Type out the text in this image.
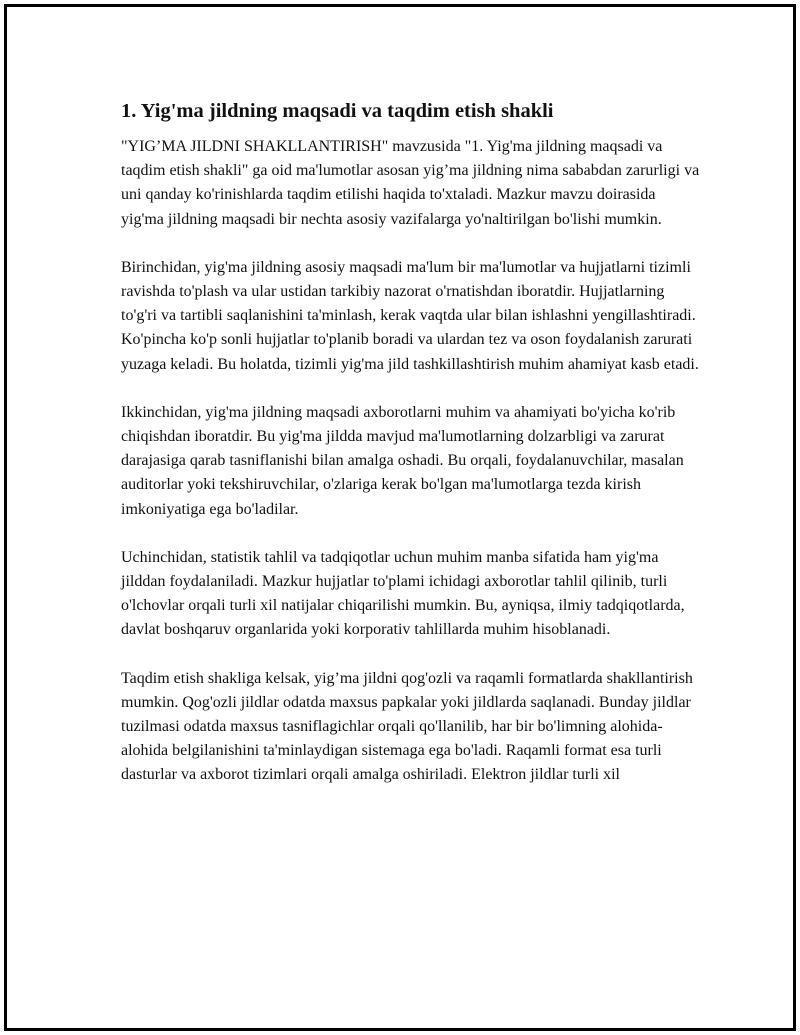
1. Yig'ma jildning maqsadi va taqdim etish shakli

"YIG’MA JILDNI SHAKLLANTIRISH" mavzusida "1. Yig'ma jildning maqsadi va taqdim etish shakli" ga oid ma'lumotlar asosan yig’ma jildning nima sababdan zarurligi va uni qanday ko'rinishlarda taqdim etilishi haqida to'xtaladi. Mazkur mavzu doirasida yig'ma jildning maqsadi bir nechta asosiy vazifalarga yo'naltirilgan bo'lishi mumkin.

Birinchidan, yig'ma jildning asosiy maqsadi ma'lum bir ma'lumotlar va hujjatlarni tizimli ravishda to'plash va ular ustidan tarkibiy nazorat o'rnatishdan iboratdir. Hujjatlarning to'g'ri va tartibli saqlanishini ta'minlash, kerak vaqtda ular bilan ishlashni yengillashtiradi. Ko'pincha ko'p sonli hujjatlar to'planib boradi va ulardan tez va oson foydalanish zarurati yuzaga keladi. Bu holatda, tizimli yig'ma jild tashkillashtirish muhim ahamiyat kasb etadi.

Ikkinchidan, yig'ma jildning maqsadi axborotlarni muhim va ahamiyati bo'yicha ko'rib chiqishdan iboratdir. Bu yig'ma jildda mavjud ma'lumotlarning dolzarbligi va zarurat darajasiga qarab tasniflanishi bilan amalga oshadi. Bu orqali, foydalanuvchilar, masalan auditorlar yoki tekshiruvchilar, o'zlariga kerak bo'lgan ma'lumotlarga tezda kirish imkoniyatiga ega bo'ladilar.

Uchinchidan, statistik tahlil va tadqiqotlar uchun muhim manba sifatida ham yig'ma jilddan foydalaniladi. Mazkur hujjatlar to'plami ichidagi axborotlar tahlil qilinib, turli o'lchovlar orqali turli xil natijalar chiqarilishi mumkin. Bu, ayniqsa, ilmiy tadqiqotlarda, davlat boshqaruv organlarida yoki korporativ tahlillarda muhim hisoblanadi.

Taqdim etish shakliga kelsak, yig’ma jildni qog'ozli va raqamli formatlarda shakllantirish mumkin. Qog'ozli jildlar odatda maxsus papkalar yoki jildlarda saqlanadi. Bunday jildlar tuzilmasi odatda maxsus tasniflagichlar orqali qo'llanilib, har bir bo'limning alohida-alohida belgilanishini ta'minlaydigan sistemaga ega bo'ladi. Raqamli format esa turli dasturlar va axborot tizimlari orqali amalga oshiriladi. Elektron jildlar turli xil
